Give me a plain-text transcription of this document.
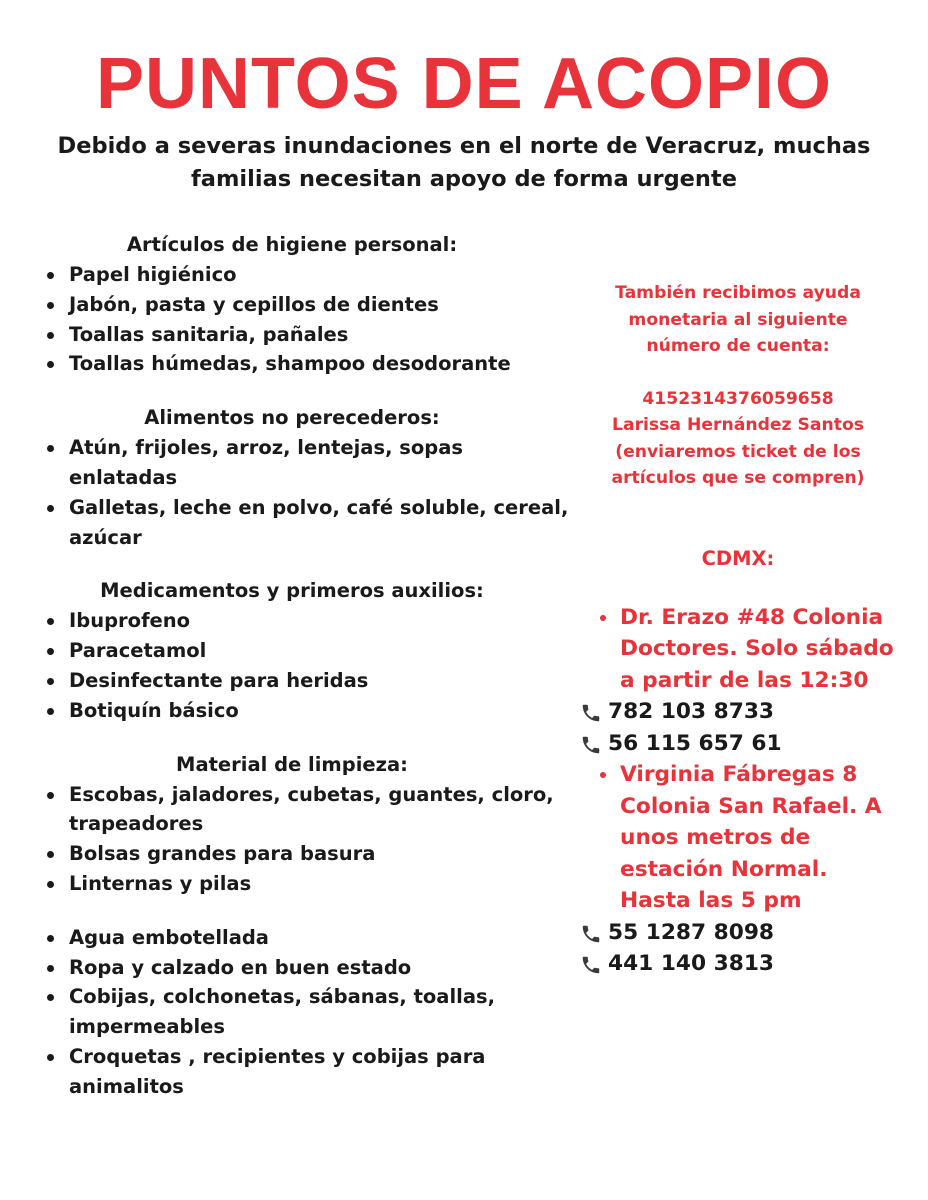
PUNTOS DE ACOPIO
Debido a severas inundaciones en el norte de Veracruz, muchas
familias necesitan apoyo de forma urgente
Artículos de higiene personal:
Papel higiénico
Jabón, pasta y cepillos de dientes
Toallas sanitaria, pañales
Toallas húmedas, shampoo desodorante
Alimentos no perecederos:
Atún, frijoles, arroz, lentejas, sopas enlatadas
Galletas, leche en polvo, café soluble, cereal, azúcar
Medicamentos y primeros auxilios:
Ibuprofeno
Paracetamol
Desinfectante para heridas
Botiquín básico
Material de limpieza:
Escobas, jaladores, cubetas, guantes, cloro, trapeadores
Bolsas grandes para basura
Linternas y pilas
Agua embotellada
Ropa y calzado en buen estado
Cobijas, colchonetas, sábanas, toallas, impermeables
Croquetas , recipientes y cobijas para animalitos
También recibimos ayuda
monetaria al siguiente
número de cuenta:
4152314376059658
Larissa Hernández Santos
(enviaremos ticket de los
artículos que se compren)
CDMX:
Dr. Erazo #48 Colonia
Doctores. Solo sábado
a partir de las 12:30
782 103 8733
56 115 657 61
Virginia Fábregas 8
Colonia San Rafael. A
unos metros de
estación Normal.
Hasta las 5 pm
55 1287 8098
441 140 3813
